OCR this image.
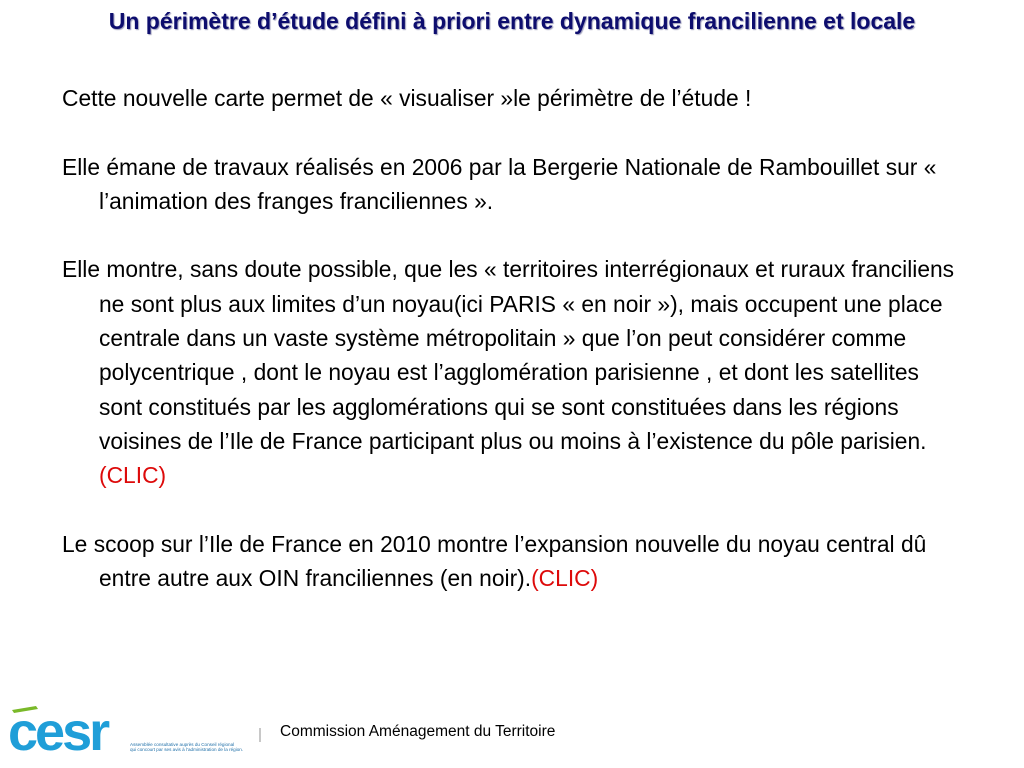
Un périmètre d’étude défini à priori entre dynamique francilienne et locale

Cette nouvelle carte permet de « visualiser »le périmètre de l’étude !

Elle émane de travaux réalisés en 2006 par la Bergerie Nationale de Rambouillet sur « l’animation des franges franciliennes ».

Elle montre, sans doute possible, que les « territoires interrégionaux et ruraux franciliens ne sont plus aux limites d’un noyau(ici PARIS « en noir »), mais occupent une place centrale dans un vaste système métropolitain » que l’on peut considérer comme polycentrique , dont le noyau est l’agglomération parisienne , et dont les satellites sont constitués par les agglomérations qui se sont constituées dans les régions voisines de l’Ile de France participant plus ou moins à l’existence du pôle parisien.(CLIC)

Le scoop sur l’Ile de France en 2010 montre l’expansion nouvelle du noyau central dû entre autre aux OIN franciliennes (en noir).(CLIC)

cesr	Assemblée consultative auprès du Conseil régional
qui concourt par ses avis à l’administration de la région.
Commission Aménagement du Territoire
